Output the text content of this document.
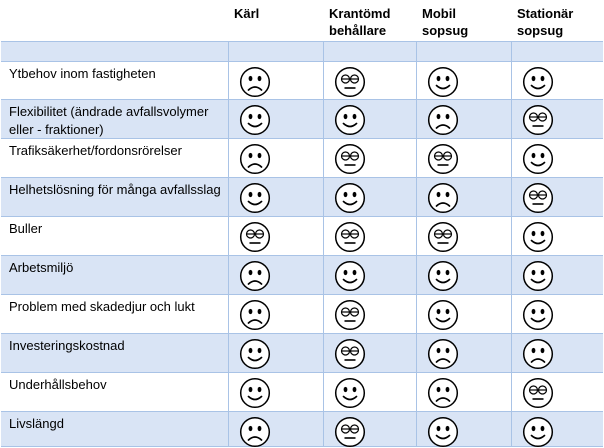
Kärl	Krantömd behållare
Mobil sopsug
Stationär sopsug
Ytbehov inom fastigheten
Flexibilitet (ändrade avfallsvolymer eller - fraktioner)
Trafiksäkerhet/fordonsrörelser
Helhetslösning för många avfallsslag
Buller
Arbetsmiljö
Problem med skadedjur och lukt
Investeringskostnad
Underhållsbehov
Livslängd
